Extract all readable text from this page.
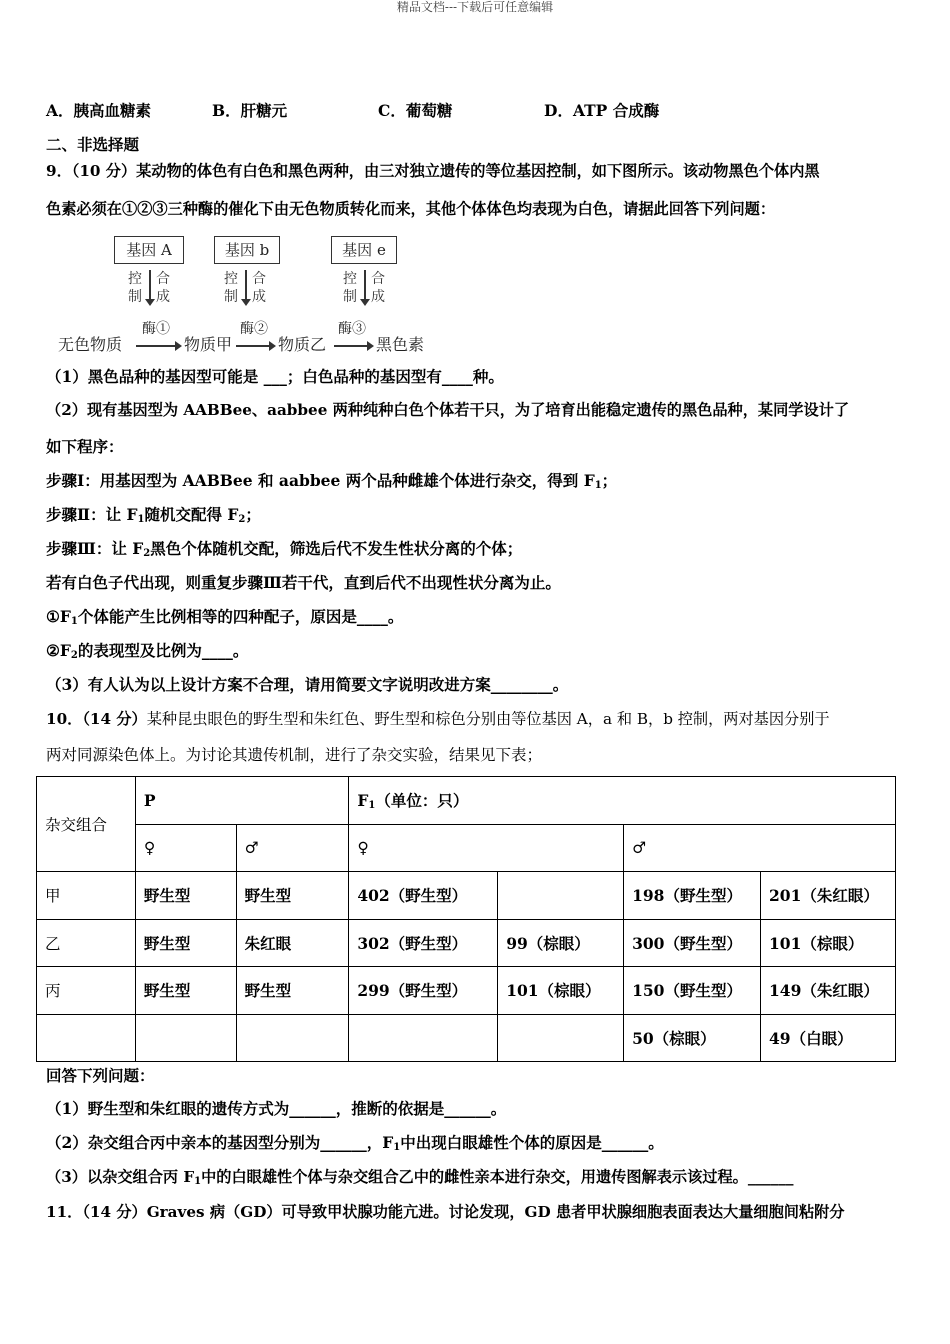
精品文档---下载后可任意编辑
A．胰高血糖素	B．肝糖元	C．葡萄糖	D．ATP 合成酶
二、非选择题
9．（10 分）某动物的体色有白色和黑色两种，由三对独立遗传的等位基因控制，如下图所示。该动物黑色个体内黑
色素必须在①②③三种酶的催化下由无色物质转化而来，其他个体体色均表现为白色，请据此回答下列问题：
基因 A	基因 b	基因 e
控
制
合
成
控
制
合
成
控
制
合
成
无色物质
酶①
物质甲
酶②
物质乙
酶③
黑色素
（1）黑色品种的基因型可能是 ___；白色品种的基因型有____种。
（2）现有基因型为 AABBee、aabbee 两种纯种白色个体若干只，为了培育出能稳定遗传的黑色品种，某同学设计了
如下程序：
步骤Ⅰ：用基因型为 AABBee 和 aabbee 两个品种雌雄个体进行杂交，得到 $F_1$；
步骤Ⅱ：让 $F_1$随机交配得 $F_2$；
步骤Ⅲ：让 $F_2$黑色个体随机交配，筛选后代不发生性状分离的个体；
若有白色子代出现，则重复步骤Ⅲ若干代，直到后代不出现性状分离为止。
$①F_1$个体能产生比例相等的四种配子，原因是____。
$②F_2$的表现型及比例为____。
（3）有人认为以上设计方案不合理，请用简要文字说明改进方案________。
10．（14 分）某种昆虫眼色的野生型和朱红色、野生型和棕色分别由等位基因 A，a 和 B，b 控制，两对基因分别于
两对同源染色体上。为讨论其遗传机制，进行了杂交实验，结果见下表；
杂交组合	P		$F_1$（单位：只）			
	♀	♂	♀		♂	
甲	野生型	野生型	402（野生型）		198（野生型）	201（朱红眼）
乙	野生型	朱红眼	302（野生型）	99（棕眼）	300（野生型）	101（棕眼）
丙	野生型	野生型	299（野生型）	101（棕眼）	150（野生型）	149（朱红眼）
					50（棕眼）	49（白眼）
回答下列问题：
（1）野生型和朱红眼的遗传方式为______，推断的依据是______。
（2）杂交组合丙中亲本的基因型分别为______，$F_1$中出现白眼雄性个体的原因是______。
（3）以杂交组合丙 $F_1$中的白眼雄性个体与杂交组合乙中的雌性亲本进行杂交，用遗传图解表示该过程。______
11．（14 分）Graves 病（GD）可导致甲状腺功能亢进。讨论发现，GD 患者甲状腺细胞表面表达大量细胞间粘附分
